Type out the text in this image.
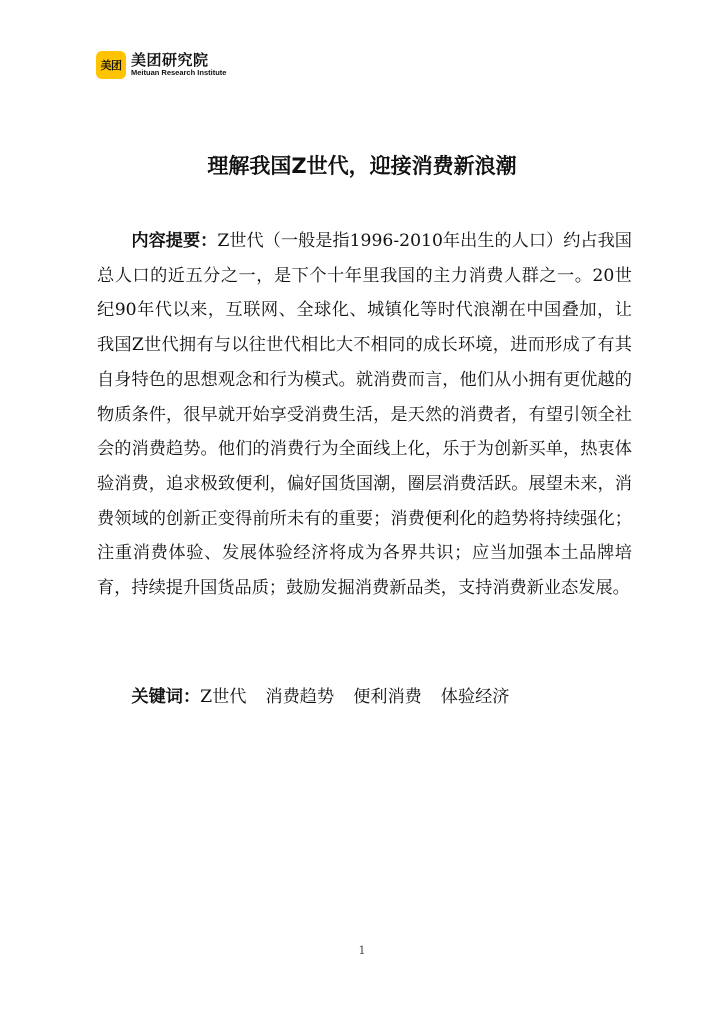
美团 美团研究院
Meituan Research Institute
理解我国Z世代，迎接消费新浪潮

内容提要：Z世代（一般是指1996-2010年出生的人口）约占我国总人口的近五分之一，是下个十年里我国的主力消费人群之一。20世纪90年代以来，互联网、全球化、城镇化等时代浪潮在中国叠加，让我国Z世代拥有与以往世代相比大不相同的成长环境，进而形成了有其自身特色的思想观念和行为模式。就消费而言，他们从小拥有更优越的物质条件，很早就开始享受消费生活，是天然的消费者，有望引领全社会的消费趋势。他们的消费行为全面线上化，乐于为创新买单，热衷体验消费，追求极致便利，偏好国货国潮，圈层消费活跃。展望未来，消费领域的创新正变得前所未有的重要；消费便利化的趋势将持续强化；注重消费体验、发展体验经济将成为各界共识；应当加强本土品牌培育，持续提升国货品质；鼓励发掘消费新品类，支持消费新业态发展。

关键词：Z世代 消费趋势 便利消费 体验经济

1
